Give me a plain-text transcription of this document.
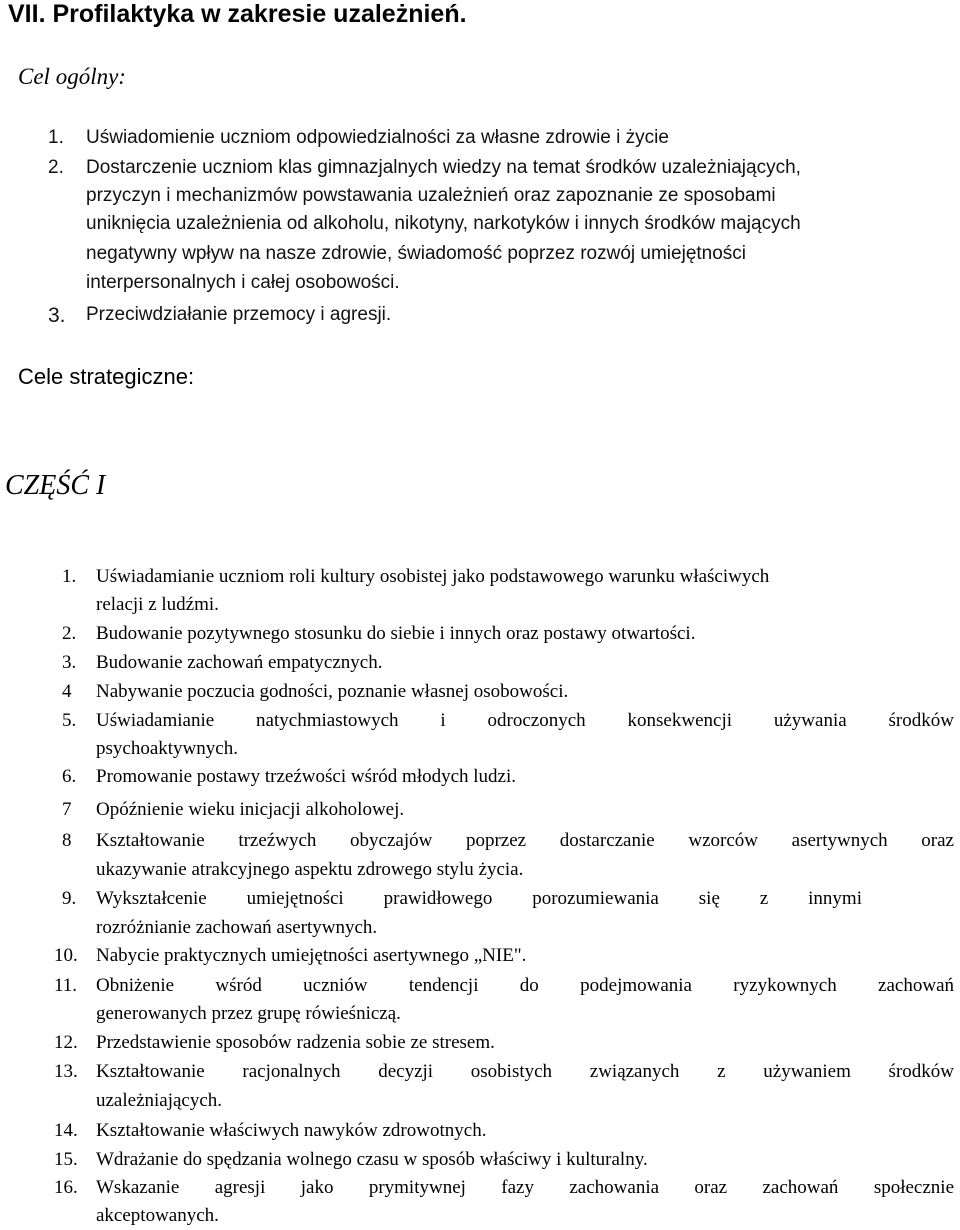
VII. Profilaktyka w zakresie uzależnień.
Cel ogólny:
1. Uświadomienie uczniom odpowiedzialności za własne zdrowie i życie
2. Dostarczenie uczniom klas gimnazjalnych wiedzy na temat środków uzależniających,
przyczyn i mechanizmów powstawania uzależnień oraz zapoznanie ze sposobami
uniknięcia uzależnienia od alkoholu, nikotyny, narkotyków i innych środków mających
negatywny wpływ na nasze zdrowie, świadomość poprzez rozwój umiejętności
interpersonalnych i całej osobowości.
3. Przeciwdziałanie przemocy i agresji.
Cele strategiczne:
CZĘŚĆ I
1. Uświadamianie uczniom roli kultury osobistej jako podstawowego warunku właściwych
relacji z ludźmi.
2. Budowanie pozytywnego stosunku do siebie i innych oraz postawy otwartości.
3. Budowanie zachowań empatycznych.
4 Nabywanie poczucia godności, poznanie własnej osobowości.
5. Uświadamianie natychmiastowych i odroczonych konsekwencji używania środków
psychoaktywnych.
6. Promowanie postawy trzeźwości wśród młodych ludzi.
7 Opóźnienie wieku inicjacji alkoholowej.
8 Kształtowanie trzeźwych obyczajów poprzez dostarczanie wzorców asertywnych oraz
ukazywanie atrakcyjnego aspektu zdrowego stylu życia.
9. Wykształcenie umiejętności prawidłowego porozumiewania się z innymi
rozróżnianie zachowań asertywnych.
10. Nabycie praktycznych umiejętności asertywnego „NIE".
11. Obniżenie wśród uczniów tendencji do podejmowania ryzykownych zachowań
generowanych przez grupę rówieśniczą.
12. Przedstawienie sposobów radzenia sobie ze stresem.
13. Kształtowanie racjonalnych decyzji osobistych związanych z używaniem środków
uzależniających.
14. Kształtowanie właściwych nawyków zdrowotnych.
15. Wdrażanie do spędzania wolnego czasu w sposób właściwy i kulturalny.
16. Wskazanie agresji jako prymitywnej fazy zachowania oraz zachowań społecznie
akceptowanych.
